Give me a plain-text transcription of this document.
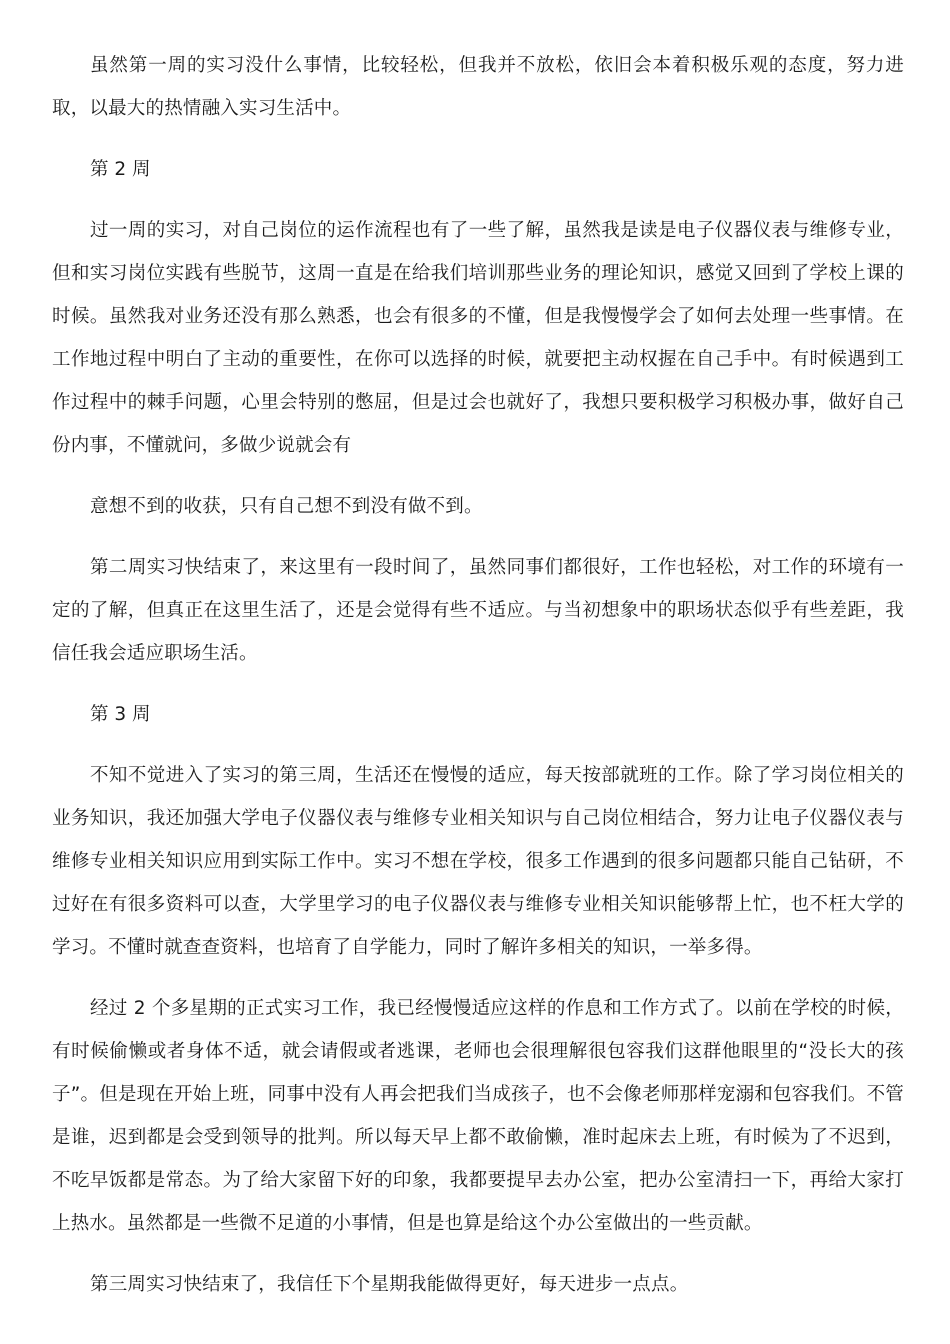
虽然第一周的实习没什么事情，比较轻松，但我并不放松，依旧会本着积极乐观的态度，努力进取，以最大的热情融入实习生活中。

第 2 周

过一周的实习，对自己岗位的运作流程也有了一些了解，虽然我是读是电子仪器仪表与维修专业，但和实习岗位实践有些脱节，这周一直是在给我们培训那些业务的理论知识，感觉又回到了学校上课的时候。虽然我对业务还没有那么熟悉，也会有很多的不懂，但是我慢慢学会了如何去处理一些事情。在工作地过程中明白了主动的重要性，在你可以选择的时候，就要把主动权握在自己手中。有时候遇到工作过程中的棘手问题，心里会特别的憋屈，但是过会也就好了，我想只要积极学习积极办事，做好自己份内事，不懂就问，多做少说就会有

意想不到的收获，只有自己想不到没有做不到。

第二周实习快结束了，来这里有一段时间了，虽然同事们都很好，工作也轻松，对工作的环境有一定的了解，但真正在这里生活了，还是会觉得有些不适应。与当初想象中的职场状态似乎有些差距，我信任我会适应职场生活。

第 3 周

不知不觉进入了实习的第三周，生活还在慢慢的适应，每天按部就班的工作。除了学习岗位相关的业务知识，我还加强大学电子仪器仪表与维修专业相关知识与自己岗位相结合，努力让电子仪器仪表与维修专业相关知识应用到实际工作中。实习不想在学校，很多工作遇到的很多问题都只能自己钻研，不过好在有很多资料可以查，大学里学习的电子仪器仪表与维修专业相关知识能够帮上忙，也不枉大学的学习。不懂时就查查资料，也培育了自学能力，同时了解许多相关的知识，一举多得。

经过 2 个多星期的正式实习工作，我已经慢慢适应这样的作息和工作方式了。以前在学校的时候，有时候偷懒或者身体不适，就会请假或者逃课，老师也会很理解很包容我们这群他眼里的“没长大的孩子”。但是现在开始上班，同事中没有人再会把我们当成孩子，也不会像老师那样宠溺和包容我们。不管是谁，迟到都是会受到领导的批判。所以每天早上都不敢偷懒，准时起床去上班，有时候为了不迟到，不吃早饭都是常态。为了给大家留下好的印象，我都要提早去办公室，把办公室清扫一下，再给大家打上热水。虽然都是一些微不足道的小事情，但是也算是给这个办公室做出的一些贡献。

第三周实习快结束了，我信任下个星期我能做得更好，每天进步一点点。
